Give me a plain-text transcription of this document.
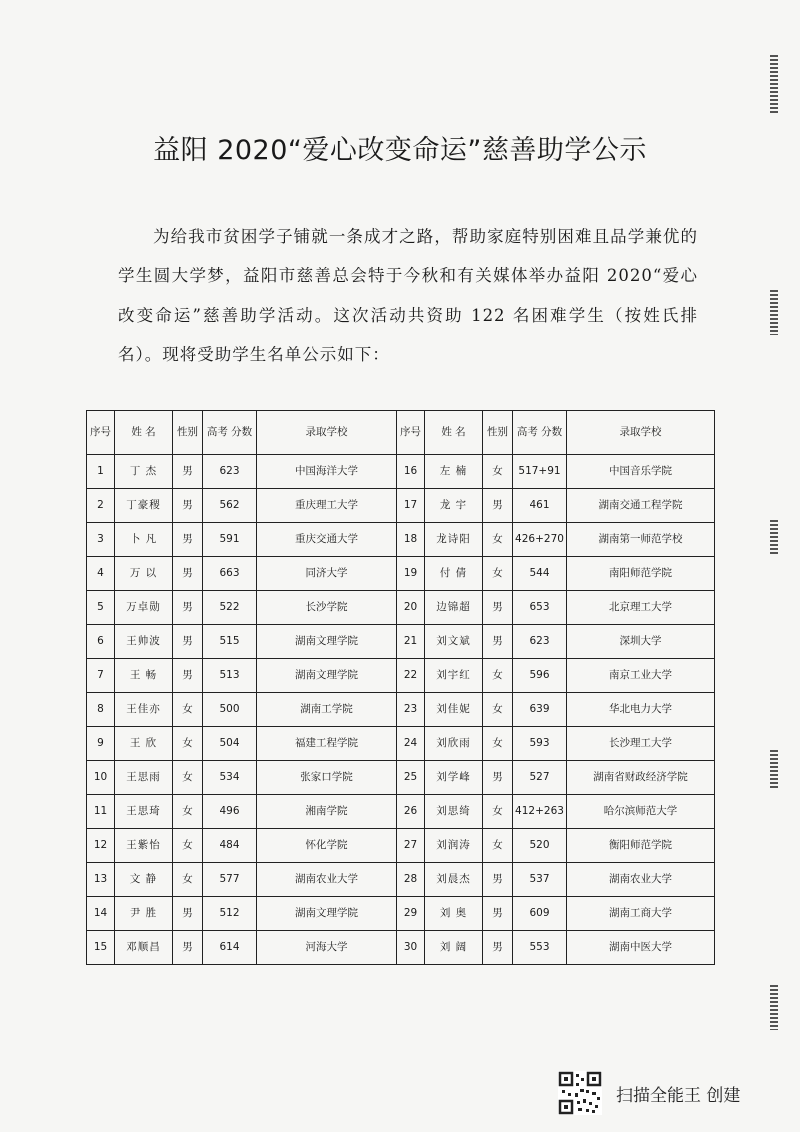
益阳 2020“爱心改变命运”慈善助学公示

为给我市贫困学子铺就一条成才之路，帮助家庭特别困难且品学兼优的学生圆大学梦，益阳市慈善总会特于今秋和有关媒体举办益阳 2020“爱心改变命运”慈善助学活动。这次活动共资助 122 名困难学生（按姓氏排名）。现将受助学生名单公示如下：

序号	姓 名	性别	高考 分数	录取学校	序号	姓 名	性别	高考 分数	录取学校
1	丁 杰	男	623	中国海洋大学	16	左 楠	女	517+91	中国音乐学院
2	丁豪稷	男	562	重庆理工大学	17	龙 宇	男	461	湖南交通工程学院
3	卜 凡	男	591	重庆交通大学	18	龙诗阳	女	426+270	湖南第一师范学校
4	万 以	男	663	同济大学	19	付 倩	女	544	南阳师范学院
5	万卓勋	男	522	长沙学院	20	边锦超	男	653	北京理工大学
6	王帅波	男	515	湖南文理学院	21	刘文斌	男	623	深圳大学
7	王 畅	男	513	湖南文理学院	22	刘宇红	女	596	南京工业大学
8	王佳亦	女	500	湖南工学院	23	刘佳妮	女	639	华北电力大学
9	王 欣	女	504	福建工程学院	24	刘欣雨	女	593	长沙理工大学
10	王思雨	女	534	张家口学院	25	刘学峰	男	527	湖南省财政经济学院
11	王思琦	女	496	湘南学院	26	刘思绮	女	412+263	哈尔滨师范大学
12	王紫怡	女	484	怀化学院	27	刘润涛	女	520	衡阳师范学院
13	文 静	女	577	湖南农业大学	28	刘晨杰	男	537	湖南农业大学
14	尹 胜	男	512	湖南文理学院	29	刘 奥	男	609	湖南工商大学
15	邓顺昌	男	614	河海大学	30	刘 阔	男	553	湖南中医大学
扫描全能王 创建
